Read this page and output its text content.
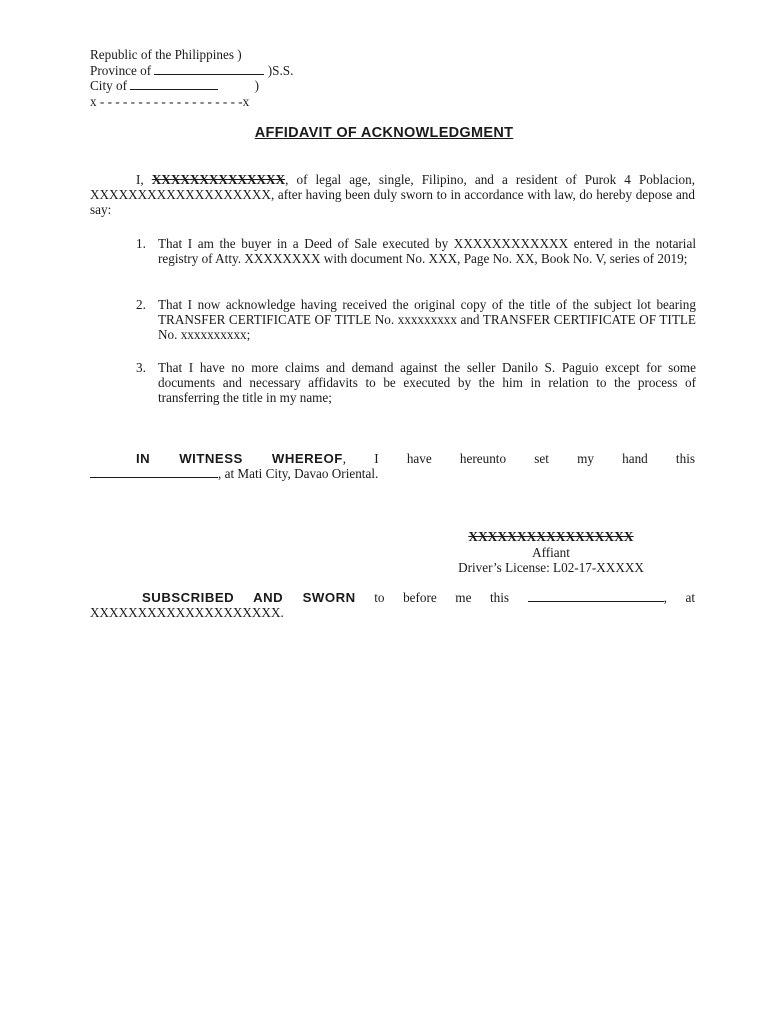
Republic of the Philippines )
Province of	)S.S.
City of	)
x - - - - - - - - - - - - - - - - - - -x
AFFIDAVIT OF ACKNOWLEDGMENT
I, XXXXXXXXXXXXXX, of legal age, single, Filipino, and a resident of Purok 4 Poblacion, XXXXXXXXXXXXXXXXXXX, after having been duly sworn to in accordance with law, do hereby depose and say:
1. That I am the buyer in a Deed of Sale executed by XXXXXXXXXXXX entered in the notarial registry of Atty. XXXXXXXX with document No. XXX, Page No. XX, Book No. V, series of 2019;
2. That I now acknowledge having received the original copy of the title of the subject lot bearing TRANSFER CERTIFICATE OF TITLE No. xxxxxxxxx and TRANSFER CERTIFICATE OF TITLE No. xxxxxxxxxx;
3. That I have no more claims and demand against the seller Danilo S. Paguio except for some documents and necessary affidavits to be executed by the him in relation to the process of transferring the title in my name;
IN WITNESS WHEREOF, I have hereunto set my hand this
, at Mati City, Davao Oriental.
XXXXXXXXXXXXXXXXX
Affiant
Driver’s License: L02-17-XXXXX
SUBSCRIBED AND SWORN to before me this	, at
XXXXXXXXXXXXXXXXXXXX.
